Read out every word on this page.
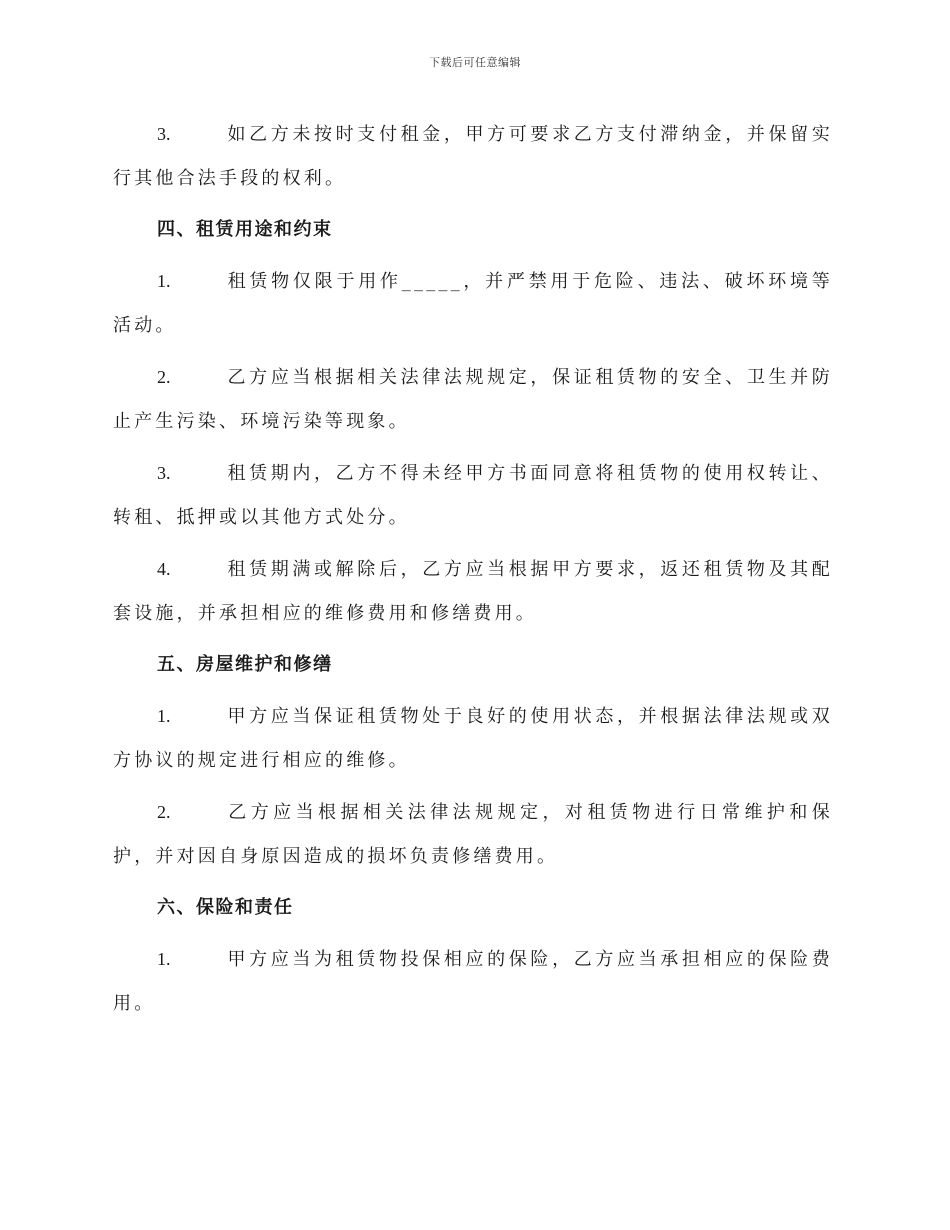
下载后可任意编辑

3.	如乙方未按时支付租金，甲方可要求乙方支付滞纳金，并保留实行其他合法手段的权利。

四、租赁用途和约束

1.	租赁物仅限于用作_____，并严禁用于危险、违法、破坏环境等活动。

2.	乙方应当根据相关法律法规规定，保证租赁物的安全、卫生并防止产生污染、环境污染等现象。

3.	租赁期内，乙方不得未经甲方书面同意将租赁物的使用权转让、转租、抵押或以其他方式处分。

4.	租赁期满或解除后，乙方应当根据甲方要求，返还租赁物及其配套设施，并承担相应的维修费用和修缮费用。

五、房屋维护和修缮

1.	甲方应当保证租赁物处于良好的使用状态，并根据法律法规或双方协议的规定进行相应的维修。

2.	乙方应当根据相关法律法规规定，对租赁物进行日常维护和保护，并对因自身原因造成的损坏负责修缮费用。

六、保险和责任

1.	甲方应当为租赁物投保相应的保险，乙方应当承担相应的保险费用。
